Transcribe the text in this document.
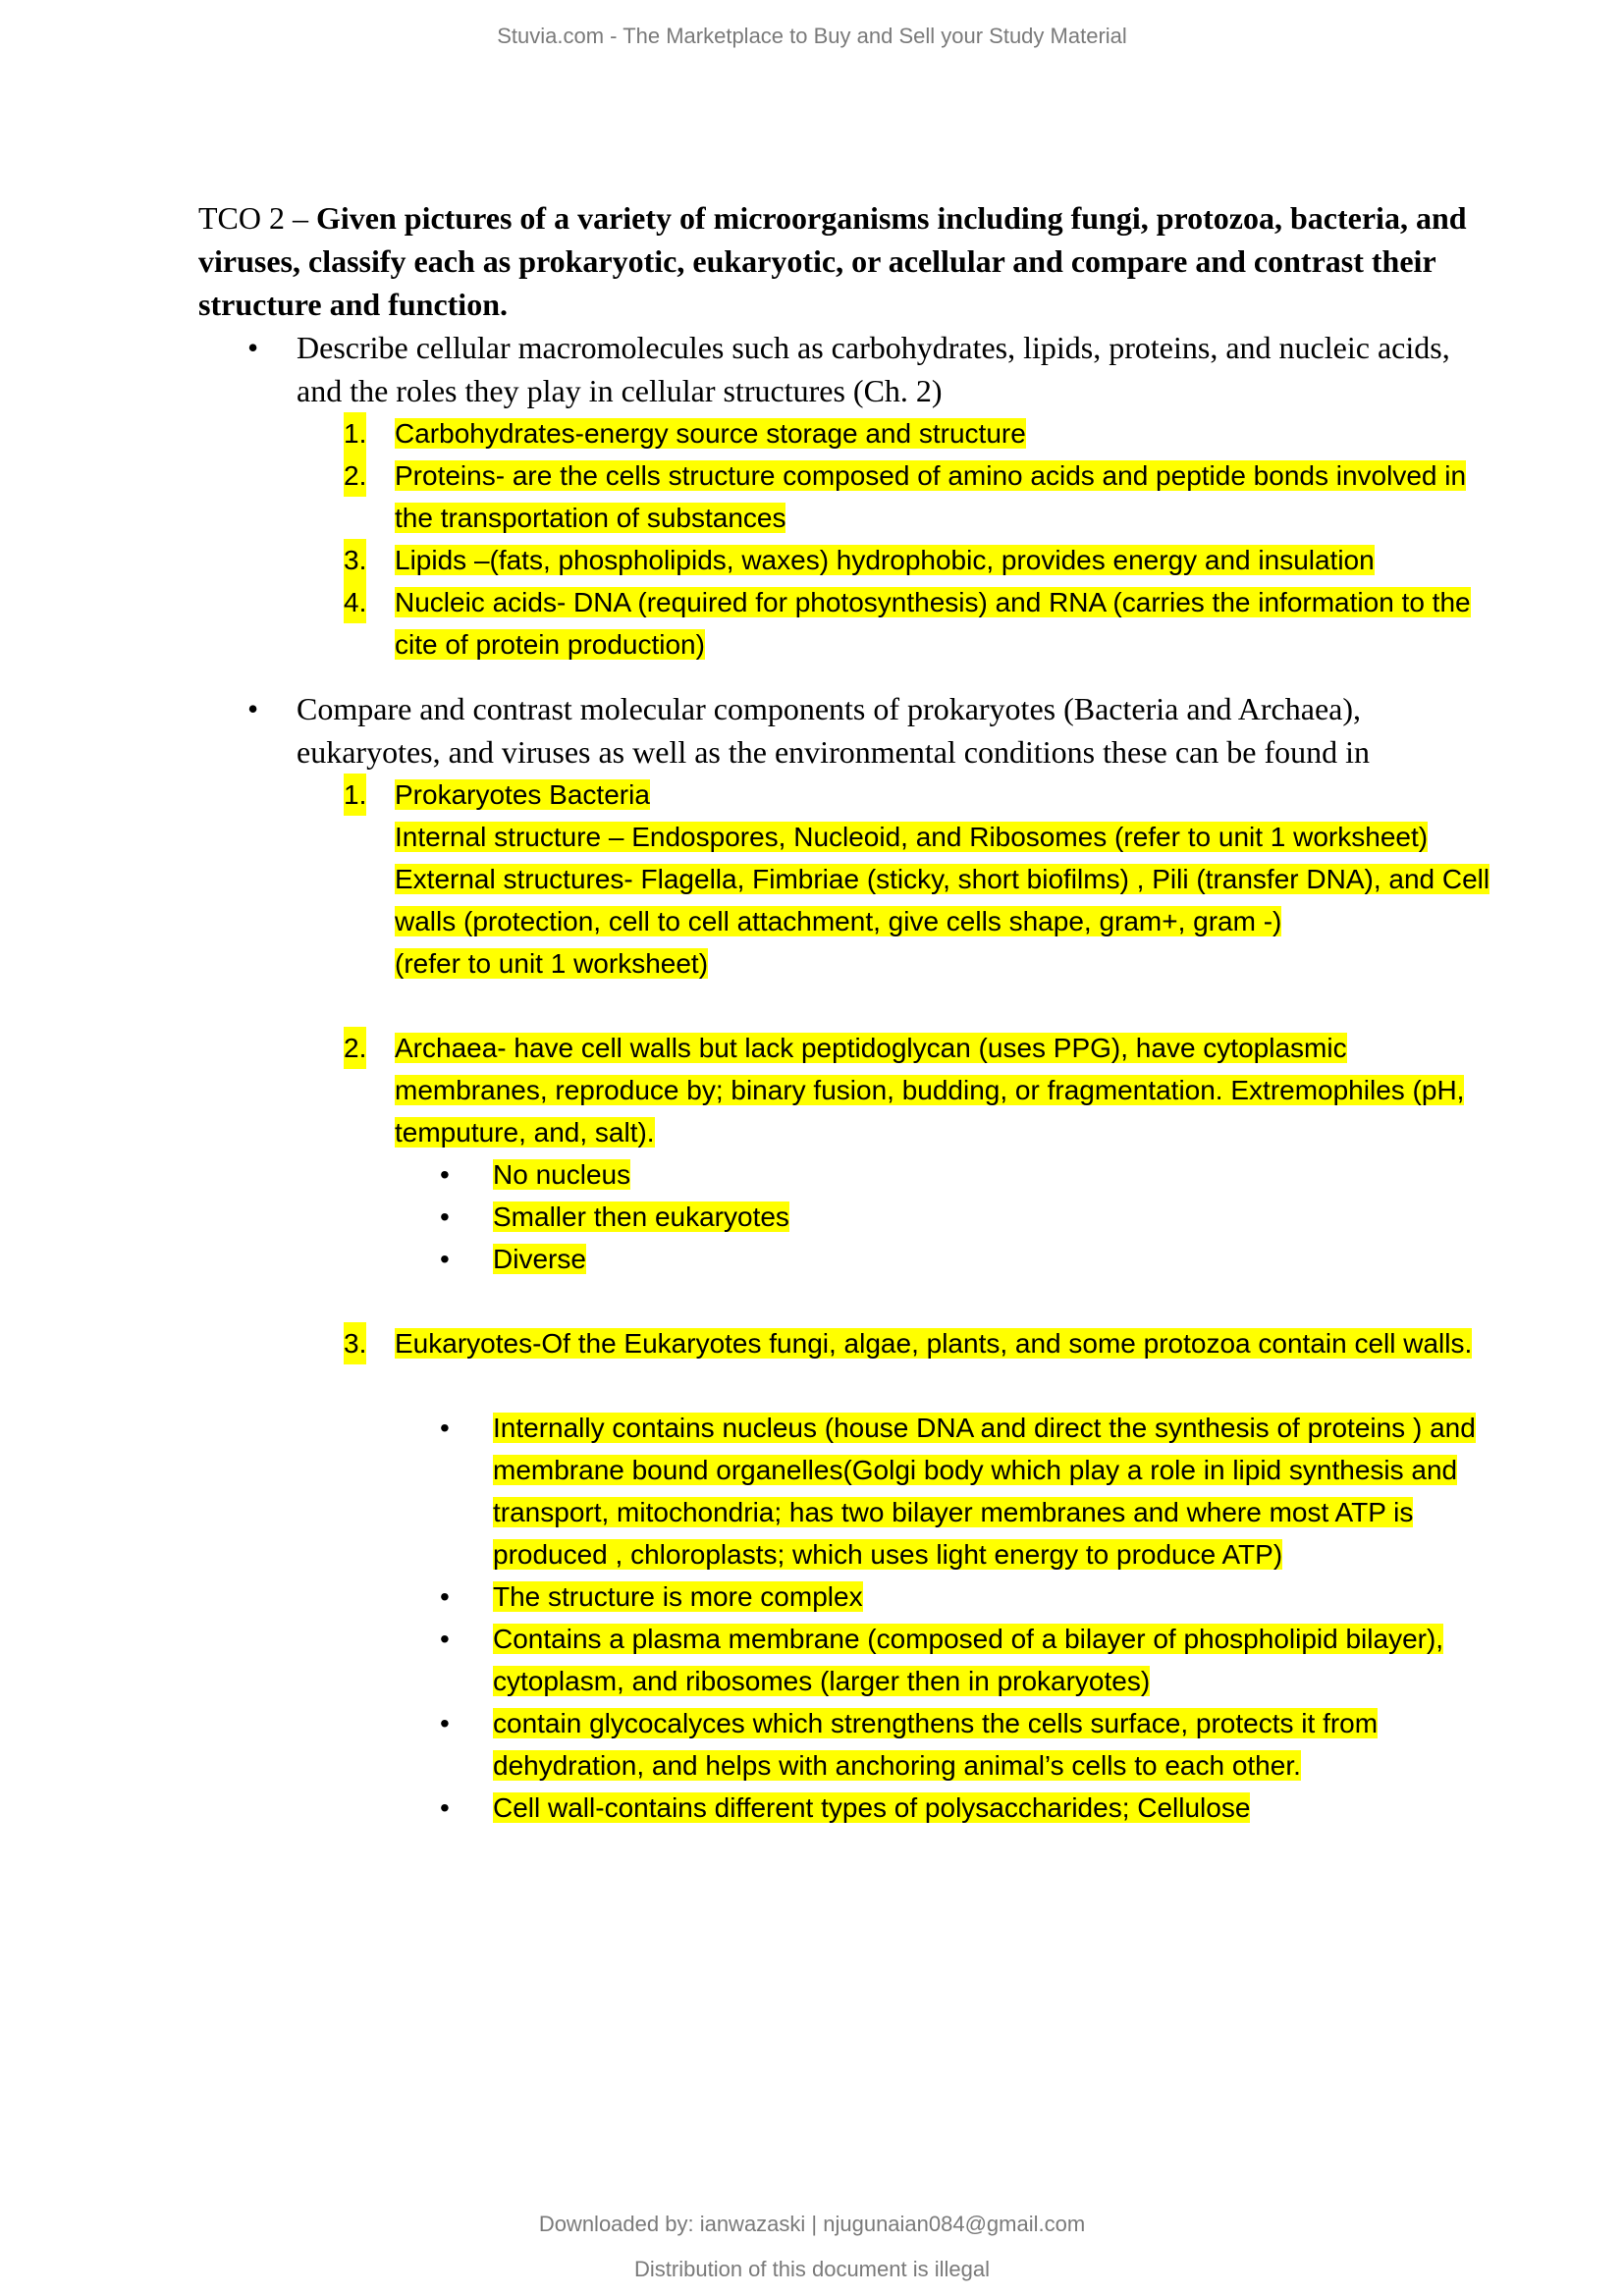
Stuvia.com - The Marketplace to Buy and Sell your Study Material

TCO 2 – Given pictures of a variety of microorganisms including fungi, protozoa, bacteria, and viruses, classify each as prokaryotic, eukaryotic, or acellular and compare and contrast their structure and function.

• Describe cellular macromolecules such as carbohydrates, lipids, proteins, and nucleic acids, and the roles they play in cellular structures (Ch. 2)
1. Carbohydrates-energy source storage and structure
2. Proteins- are the cells structure composed of amino acids and peptide bonds involved in the transportation of substances
3. Lipids –(fats, phospholipids, waxes) hydrophobic, provides energy and insulation
4. Nucleic acids- DNA (required for photosynthesis) and RNA (carries the information to the cite of protein production)
• Compare and contrast molecular components of prokaryotes (Bacteria and Archaea), eukaryotes, and viruses as well as the environmental conditions these can be found in
1. Prokaryotes Bacteria
Internal structure – Endospores, Nucleoid, and Ribosomes (refer to unit 1 worksheet)
External structures- Flagella, Fimbriae (sticky, short biofilms) , Pili (transfer DNA), and Cell walls (protection, cell to cell attachment, give cells shape, gram+, gram -)
(refer to unit 1 worksheet)
2. Archaea- have cell walls but lack peptidoglycan (uses PPG), have cytoplasmic membranes, reproduce by; binary fusion, budding, or fragmentation. Extremophiles (pH, temputure, and, salt).
• No nucleus
• Smaller then eukaryotes
• Diverse
3. Eukaryotes-Of the Eukaryotes fungi, algae, plants, and some protozoa contain cell walls.
• Internally contains nucleus (house DNA and direct the synthesis of proteins ) and membrane bound organelles(Golgi body which play a role in lipid synthesis and transport, mitochondria; has two bilayer membranes and where most ATP is produced , chloroplasts; which uses light energy to produce ATP)
• The structure is more complex
• Contains a plasma membrane (composed of a bilayer of phospholipid bilayer), cytoplasm, and ribosomes (larger then in prokaryotes)
• contain glycocalyces which strengthens the cells surface, protects it from dehydration, and helps with anchoring animal’s cells to each other.
• Cell wall-contains different types of polysaccharides; Cellulose
Downloaded by: ianwazaski | njugunaian084@gmail.com
Distribution of this document is illegal
